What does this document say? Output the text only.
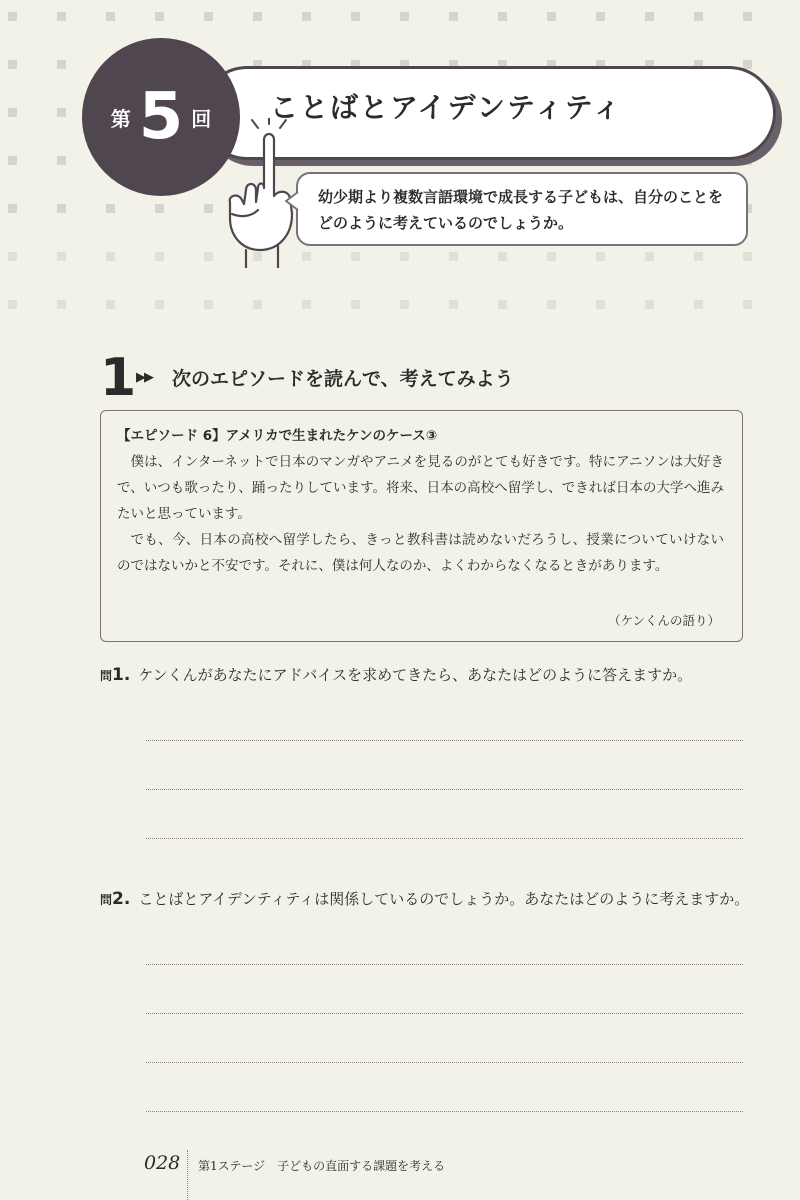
ことばとアイデンティティ
第 5 回
幼少期より複数言語環境で成長する子どもは、自分のことをどのように考えているのでしょうか。
1 ▶▶ 次のエピソードを読んで、考えてみよう
【エピソード 6】アメリカで生まれたケンのケース③

僕は、インターネットで日本のマンガやアニメを見るのがとても好きです。特にアニソンは大好きで、いつも歌ったり、踊ったりしています。将来、日本の高校へ留学し、できれば日本の大学へ進みたいと思っています。

でも、今、日本の高校へ留学したら、きっと教科書は読めないだろうし、授業についていけないのではないかと不安です。それに、僕は何人なのか、よくわからなくなるときがあります。

（ケンくんの語り）
問1. ケンくんがあなたにアドバイスを求めてきたら、あなたはどのように答えますか。
問2. ことばとアイデンティティは関係しているのでしょうか。あなたはどのように考えますか。
028 第1ステージ　子どもの直面する課題を考える
